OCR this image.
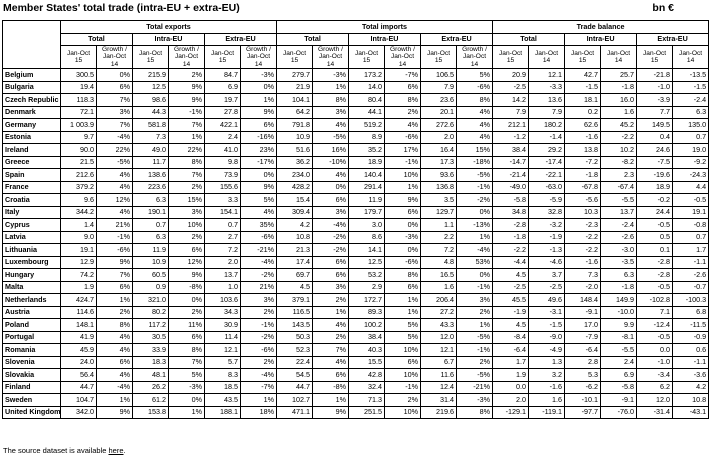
Member States' total trade (intra-EU + extra-EU)	bn €
	Total exports						Total imports						Trade balance					
	Total		Intra-EU		Extra-EU		Total		Intra-EU		Extra-EU		Total		Intra-EU		Extra-EU	
	Jan-Oct 15	Growth / Jan-Oct 14	Jan-Oct 15	Growth / Jan-Oct 14	Jan-Oct 15	Growth / Jan-Oct 14	Jan-Oct 15	Growth / Jan-Oct 14	Jan-Oct 15	Growth / Jan-Oct 14	Jan-Oct 15	Growth / Jan-Oct 14	Jan-Oct 15	Jan-Oct 14	Jan-Oct 15	Jan-Oct 14	Jan-Oct 15	Jan-Oct 14
Belgium	300.5	0%	215.9	2%	84.7	-3%	279.7	-3%	173.2	-7%	106.5	5%	20.9	12.1	42.7	25.7	-21.8	-13.5
Bulgaria	19.4	6%	12.5	9%	6.9	0%	21.9	1%	14.0	6%	7.9	-6%	-2.5	-3.3	-1.5	-1.8	-1.0	-1.5
Czech Republic	118.3	7%	98.6	9%	19.7	1%	104.1	8%	80.4	8%	23.6	8%	14.2	13.6	18.1	16.0	-3.9	-2.4
Denmark	72.1	3%	44.3	-1%	27.8	9%	64.2	3%	44.1	2%	20.1	4%	7.9	7.9	0.2	1.6	7.7	6.3
Germany	1 003.9	7%	581.8	7%	422.1	6%	791.8	4%	519.2	4%	272.6	4%	212.1	180.2	62.6	45.2	149.5	135.0
Estonia	9.7	-4%	7.3	1%	2.4	-16%	10.9	-5%	8.9	-6%	2.0	4%	-1.2	-1.4	-1.6	-2.2	0.4	0.7
Ireland	90.0	22%	49.0	22%	41.0	23%	51.6	16%	35.2	17%	16.4	15%	38.4	29.2	13.8	10.2	24.6	19.0
Greece	21.5	-5%	11.7	8%	9.8	-17%	36.2	-10%	18.9	-1%	17.3	-18%	-14.7	-17.4	-7.2	-8.2	-7.5	-9.2
Spain	212.6	4%	138.6	7%	73.9	0%	234.0	4%	140.4	10%	93.6	-5%	-21.4	-22.1	-1.8	2.3	-19.6	-24.3
France	379.2	4%	223.6	2%	155.6	9%	428.2	0%	291.4	1%	136.8	-1%	-49.0	-63.0	-67.8	-67.4	18.9	4.4
Croatia	9.6	12%	6.3	15%	3.3	5%	15.4	6%	11.9	9%	3.5	-2%	-5.8	-5.9	-5.6	-5.5	-0.2	-0.5
Italy	344.2	4%	190.1	3%	154.1	4%	309.4	3%	179.7	6%	129.7	0%	34.8	32.8	10.3	13.7	24.4	19.1
Cyprus	1.4	21%	0.7	10%	0.7	35%	4.2	-4%	3.0	0%	1.1	-13%	-2.8	-3.2	-2.3	-2.4	-0.5	-0.8
Latvia	9.0	-1%	6.3	2%	2.7	-6%	10.8	-2%	8.6	-3%	2.2	1%	-1.8	-1.9	-2.2	-2.6	0.5	0.7
Lithuania	19.1	-6%	11.9	6%	7.2	-21%	21.3	-2%	14.1	0%	7.2	-4%	-2.2	-1.3	-2.2	-3.0	0.1	1.7
Luxembourg	12.9	9%	10.9	12%	2.0	-4%	17.4	6%	12.5	-6%	4.8	53%	-4.4	-4.6	-1.6	-3.5	-2.8	-1.1
Hungary	74.2	7%	60.5	9%	13.7	-2%	69.7	6%	53.2	8%	16.5	0%	4.5	3.7	7.3	6.3	-2.8	-2.6
Malta	1.9	6%	0.9	-8%	1.0	21%	4.5	3%	2.9	6%	1.6	-1%	-2.5	-2.5	-2.0	-1.8	-0.5	-0.7
Netherlands	424.7	1%	321.0	0%	103.6	3%	379.1	2%	172.7	1%	206.4	3%	45.5	49.6	148.4	149.9	-102.8	-100.3
Austria	114.6	2%	80.2	2%	34.3	2%	116.5	1%	89.3	1%	27.2	2%	-1.9	-3.1	-9.1	-10.0	7.1	6.8
Poland	148.1	8%	117.2	11%	30.9	-1%	143.5	4%	100.2	5%	43.3	1%	4.5	-1.5	17.0	9.9	-12.4	-11.5
Portugal	41.9	4%	30.5	6%	11.4	-2%	50.3	2%	38.4	5%	12.0	-5%	-8.4	-9.0	-7.9	-8.1	-0.5	-0.9
Romania	45.9	4%	33.9	8%	12.1	-6%	52.3	7%	40.3	10%	12.1	-1%	-6.4	-4.9	-6.4	-5.5	0.0	0.6
Slovenia	24.0	6%	18.3	7%	5.7	2%	22.4	4%	15.5	6%	6.7	2%	1.7	1.3	2.8	2.4	-1.0	-1.1
Slovakia	56.4	4%	48.1	5%	8.3	-4%	54.5	6%	42.8	10%	11.6	-5%	1.9	3.2	5.3	6.9	-3.4	-3.6
Finland	44.7	-4%	26.2	-3%	18.5	-7%	44.7	-8%	32.4	-1%	12.4	-21%	0.0	-1.6	-6.2	-5.8	6.2	4.2
Sweden	104.7	1%	61.2	0%	43.5	1%	102.7	1%	71.3	2%	31.4	-3%	2.0	1.6	-10.1	-9.1	12.0	10.8
United Kingdom	342.0	9%	153.8	1%	188.1	18%	471.1	9%	251.5	10%	219.6	8%	-129.1	-119.1	-97.7	-76.0	-31.4	-43.1
The source dataset is available here.
